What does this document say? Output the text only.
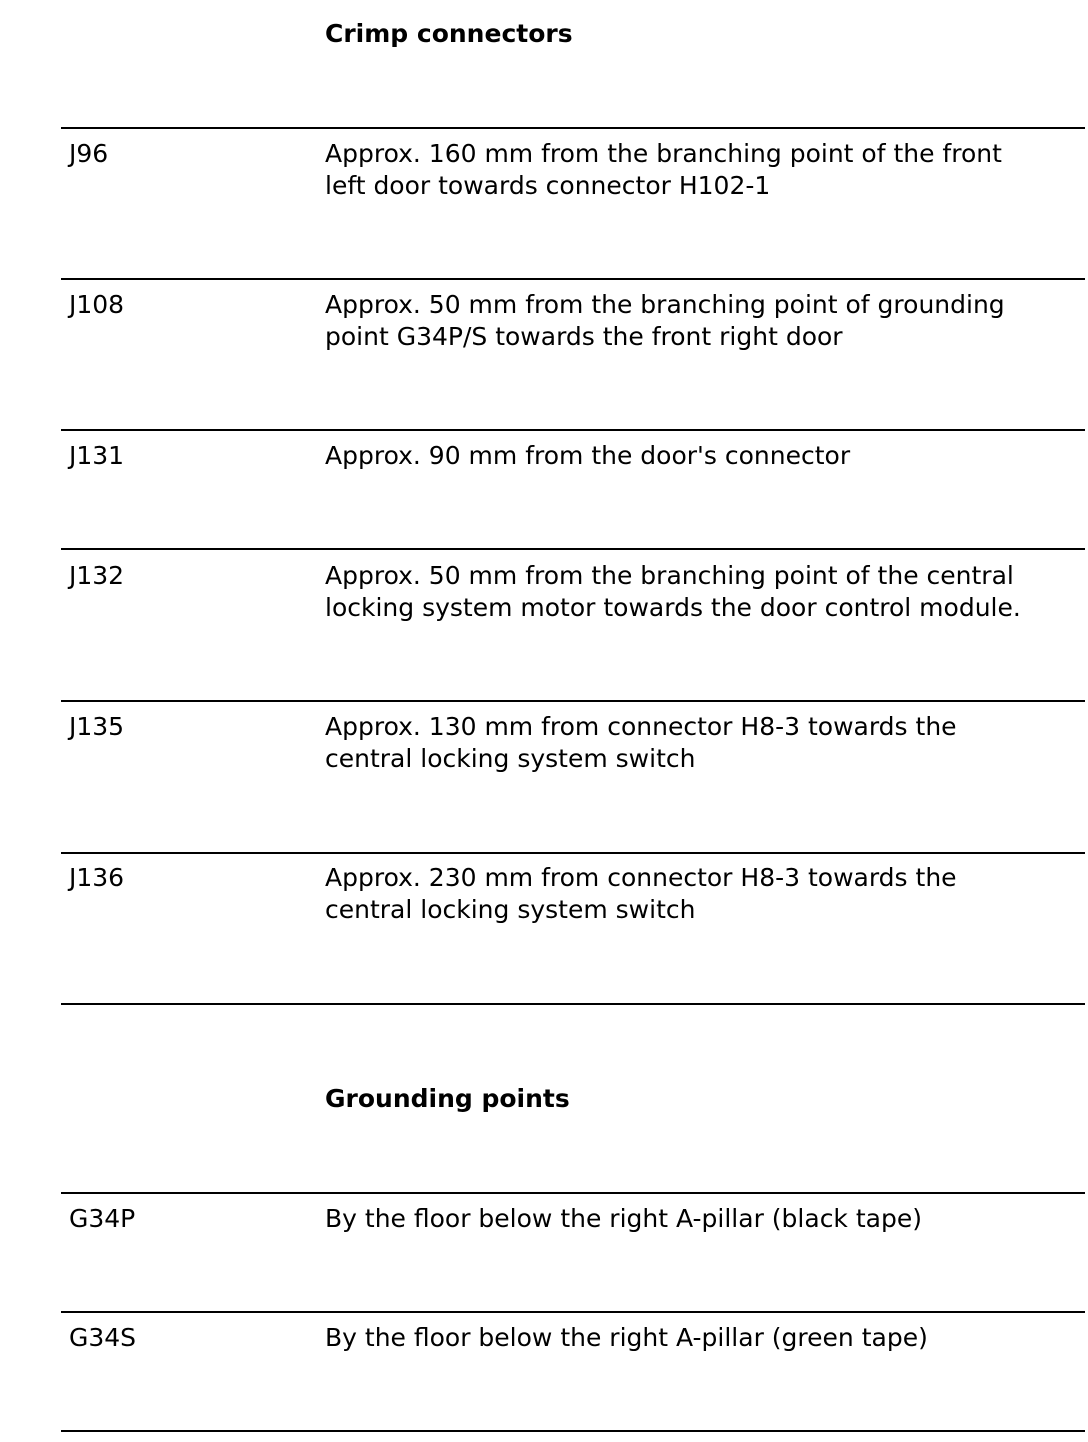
Crimp connectors
J96	Approx. 160 mm from the branching point of the front
left door towards connector H102-1
J108	Approx. 50 mm from the branching point of grounding
point G34P/S towards the front right door
J131	Approx. 90 mm from the door's connector
J132	Approx. 50 mm from the branching point of the central
locking system motor towards the door control module.
J135	Approx. 130 mm from connector H8-3 towards the
central locking system switch
J136	Approx. 230 mm from connector H8-3 towards the
central locking system switch
Grounding points
G34P	By the floor below the right A-pillar (black tape)
G34S	By the floor below the right A-pillar (green tape)
